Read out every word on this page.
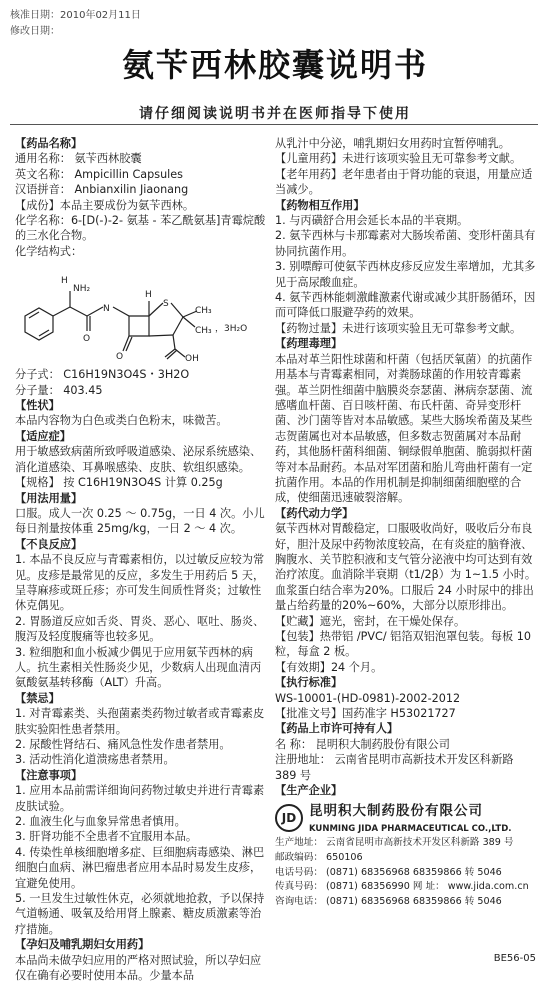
核准日期：2010年02月11日
修改日期：
氨苄西林胶囊说明书
请仔细阅读说明书并在医师指导下使用

【药品名称】

通用名称： 氨苄西林胶囊

英文名称： Ampicillin Capsules

汉语拼音： Anbianxilin Jiaonang

【成份】本品主要成份为氨苄西林。

化学名称：6-[D(-)-2- 氨基 - 苯乙酰氨基]青霉烷酸的三水化合物。

化学结构式：

H
NH₂
O
N
H
S
O
CH₃
CH₃ ，3H₂O
OH

分子式： C16H19N3O4S・3H2O

分子量： 403.45

【性状】

本品内容物为白色或类白色粉末，味微苦。

【适应症】

用于敏感致病菌所致呼吸道感染、泌尿系统感染、消化道感染、耳鼻喉感染、皮肤、软组织感染。

【规格】 按 C16H19N3O4S 计算 0.25g

【用法用量】

口服。成人一次 0.25 ～ 0.75g，一日 4 次。小儿每日剂量按体重 25mg/kg，一日 2 ～ 4 次。

【不良反应】

1. 本品不良反应与青霉素相仿，以过敏反应较为常见。皮疹是最常见的反应，多发生于用药后 5 天，呈荨麻疹或斑丘疹；亦可发生间质性肾炎；过敏性休克偶见。

2. 胃肠道反应如舌炎、胃炎、恶心、呕吐、肠炎、腹泻及轻度腹痛等也较多见。

3. 粒细胞和血小板减少偶见于应用氨苄西林的病人。抗生素相关性肠炎少见，少数病人出现血清丙氨酸氨基转移酶（ALT）升高。

【禁忌】

1. 对青霉素类、头孢菌素类药物过敏者或青霉素皮肤实验阳性患者禁用。

2. 尿酸性肾结石、痛风急性发作患者禁用。

3. 活动性消化道溃疡患者禁用。

【注意事项】

1. 应用本品前需详细询问药物过敏史并进行青霉素皮肤试验。

2. 血液生化与血象异常患者慎用。

3. 肝肾功能不全患者不宜服用本品。

4. 传染性单核细胞增多症、巨细胞病毒感染、淋巴细胞白血病、淋巴瘤患者应用本品时易发生皮疹，宜避免使用。

5. 一旦发生过敏性休克，必须就地抢救，予以保持气道畅通、吸氧及给用肾上腺素、糖皮质激素等治疗措施。

【孕妇及哺乳期妇女用药】

本品尚未做孕妇应用的严格对照试验，所以孕妇应仅在确有必要时使用本品。少量本品

从乳汁中分泌，哺乳期妇女用药时宜暂停哺乳。

【儿童用药】未进行该项实验且无可靠参考文献。

【老年用药】老年患者由于肾功能的衰退，用量应适当减少。

【药物相互作用】

1. 与丙磺舒合用会延长本品的半衰期。

2. 氨苄西林与卡那霉素对大肠埃希菌、变形杆菌具有协同抗菌作用。

3. 别嘌醇可使氨苄西林皮疹反应发生率增加，尤其多见于高尿酸血症。

4. 氨苄西林能刺激雌激素代谢或减少其肝肠循环，因而可降低口服避孕药的效果。

【药物过量】未进行该项实验且无可靠参考文献。

【药理毒理】

本品对革兰阳性球菌和杆菌（包括厌氧菌）的抗菌作用基本与青霉素相同，对粪肠球菌的作用较青霉素强。革兰阴性细菌中脑膜炎奈瑟菌、淋病奈瑟菌、流感嗜血杆菌、百日咳杆菌、布氏杆菌、奇异变形杆菌、沙门菌等皆对本品敏感。某些大肠埃希菌及某些志贺菌属也对本品敏感，但多数志贺菌属对本品耐药，其他肠杆菌科细菌、铜绿假单胞菌、脆弱拟杆菌等对本品耐药。本品对军团菌和胎儿弯曲杆菌有一定抗菌作用。本品的作用机制是抑制细菌细胞壁的合成，使细菌迅速破裂溶解。

【药代动力学】

氨苄西林对胃酸稳定，口服吸收尚好，吸收后分布良好，胆汁及尿中药物浓度较高，在有炎症的脑脊液、胸腹水、关节腔积液和支气管分泌液中均可达到有效治疗浓度。血消除半衰期（t1/2β）为 1~1.5 小时。血浆蛋白结合率为20%。口服后 24 小时尿中的排出量占给药量的20%~60%，大部分以原形排出。

【贮藏】遮光，密封，在干燥处保存。

【包装】热带铝 /PVC/ 铝箔双铝泡罩包装。每板 10 粒，每盒 2 板。

【有效期】24 个月。

【执行标准】

WS-10001-(HD-0981)-2002-2012

【批准文号】国药准字 H53021727

【药品上市许可持有人】

名 称： 昆明积大制药股份有限公司

注册地址： 云南省昆明市高新技术开发区科新路 389 号

【生产企业】

JD 昆明积大制药股份有限公司
KUNMING JIDA PHARMACEUTICAL CO.,LTD.

生产地址： 云南省昆明市高新技术开发区科新路 389 号

邮政编码： 650106

电话号码： (0871) 68356968 68359866 转 5046

传真号码： (0871) 68356990 网 址： www.jida.com.cn

咨询电话： (0871) 68356968 68359866 转 5046

BE56-05
